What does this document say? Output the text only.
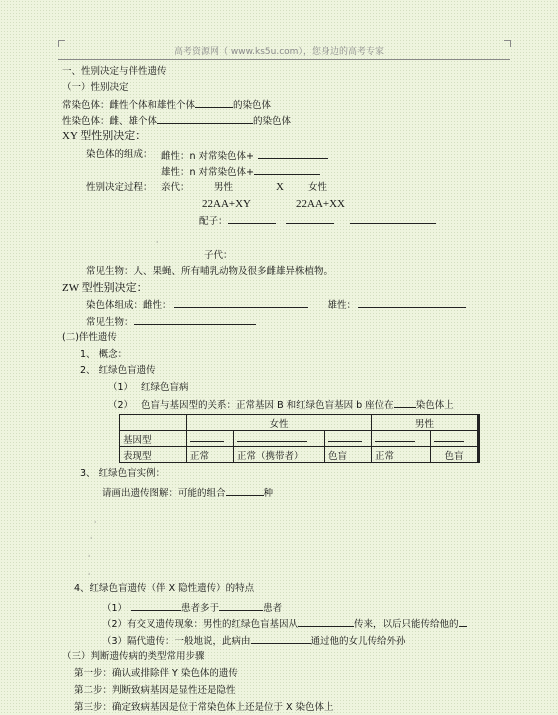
高考资源网（ www.ks5u.com），您身边的高考专家
一、性别决定与伴性遗传
（一）性别决定
常染色体：雌性个体和雄性个体	的染色体
性染色体：雌、雄个体	的染色体
XY 型性别决定：
染色体的组成： 雌性：n 对常染色体+
雄性：n 对常染色体+
性别决定过程： 亲代：	男性	X	女性
22AA+XY	22AA+XX
配子：
ˌ
子代：
常见生物：人、果蝇、所有哺乳动物及很多雌雄异株植物。
ZW 型性别决定：
染色体组成：雌性：	雄性：
常见生物：
(二)伴性遗传
1、 概念：
2、 红绿色盲遗传
（1） 红绿色盲病
（2） 色盲与基因型的关系：正常基因 B 和红绿色盲基因 b 座位在 染色体上
	女性			男性	
基因型					
表现型	正常	正常（携带者）	色盲	正常	色盲
3、 红绿色盲实例：
请画出遗传图解：可能的组合	种
ˌ
ˌ
ˌ
ˌ
4、红绿色盲遗传（伴 X 隐性遗传）的特点
（1）	患者多于	患者
（2）有交叉遗传现象：男性的红绿色盲基因从	传来，以后只能传给他的
（3）隔代遗传：一般地说，此病由	通过他的女儿传给外孙
（三）判断遗传病的类型常用步骤
第一步：确认或排除伴 Y 染色体的遗传
第二步：判断致病基因是显性还是隐性
第三步：确定致病基因是位于常染色体上还是位于 X 染色体上
